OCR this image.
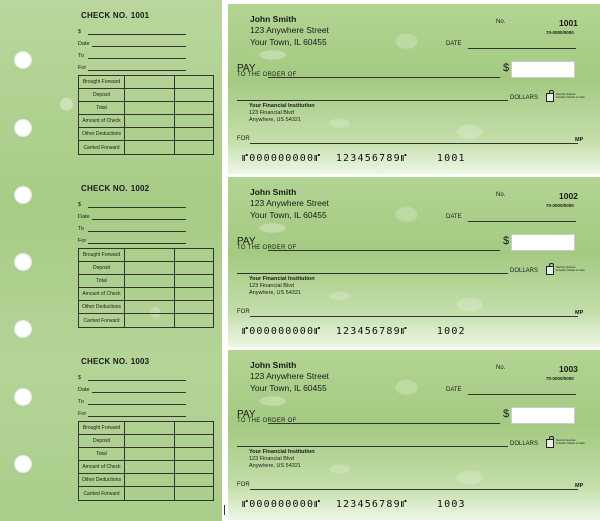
CHECK NO. 1001
$
Date
To
For
Brought Forward
Deposit
Total
Amount of Check
Other Deductions
Carried Forward
CHECK NO. 1002
$
Date
To
For
Brought Forward
Deposit
Total
Amount of Check
Other Deductions
Carried Forward
CHECK NO. 1003
$
Date
To
For
Brought Forward
Deposit
Total
Amount of Check
Other Deductions
Carried Forward
John Smith
123 Anywhere Street
Your Town, IL 60455
No.	1001
70-0000/0000
DATE
PAY
TO THE ORDER OF
$
DOLLARS
Security features included. Details on back.
Your Financial Institution
123 Financial Blvd
Anywhere, US 54321
FOR	MP
⑈000000000⑈  123456789⑈    1001
John Smith
123 Anywhere Street
Your Town, IL 60455
No.	1002
70-0000/0000
DATE
PAY
TO THE ORDER OF
$
DOLLARS
Security features included. Details on back.
Your Financial Institution
123 Financial Blvd
Anywhere, US 54321
FOR	MP
⑈000000000⑈  123456789⑈    1002
John Smith
123 Anywhere Street
Your Town, IL 60455
No.	1003
70-0000/0000
DATE
PAY
TO THE ORDER OF
$
DOLLARS
Security features included. Details on back.
Your Financial Institution
123 Financial Blvd
Anywhere, US 54321
FOR	MP
⑈000000000⑈  123456789⑈    1003
